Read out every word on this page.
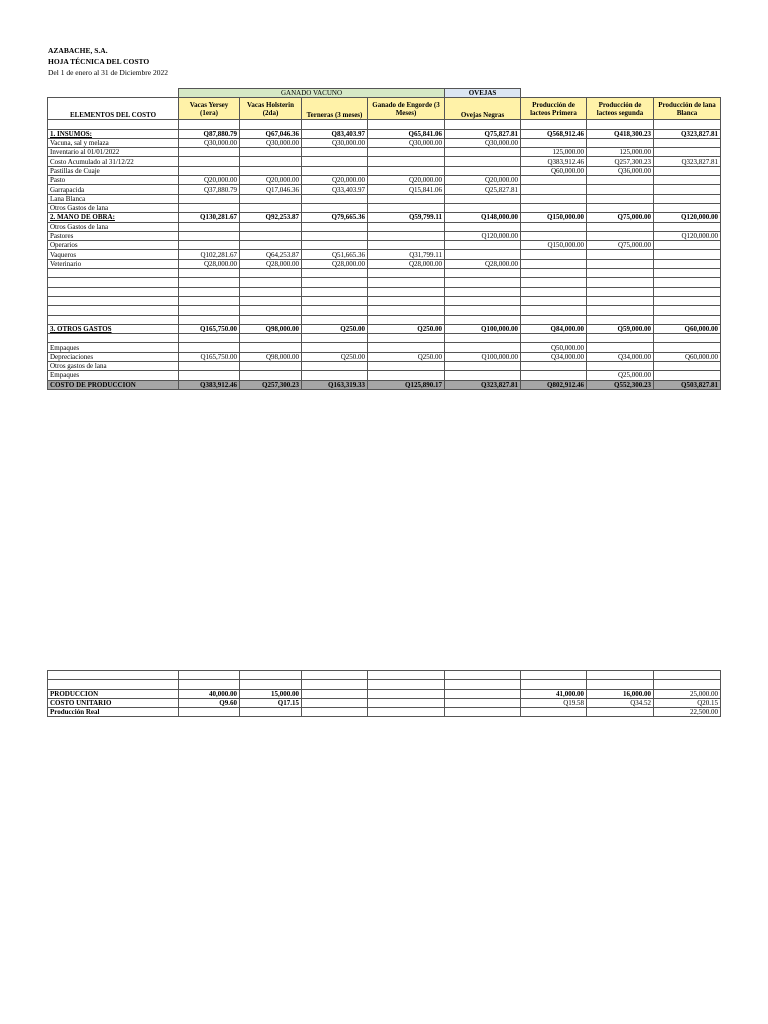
AZABACHE, S.A.
HOJA TÉCNICA DEL COSTO
Del 1 de enero al 31 de Diciembre 2022
	GANADO VACUNO				OVEJAS			
ELEMENTOS DEL COSTO	Vacas Yersey (1era)	Vacas Holsterin (2da)	Terneras (3 meses)	Ganado de Engorde (3 Meses)	Ovejas Negras	Producción de lacteos Primera	Producción de lacteos segunda	Producción de lana Blanca

1. INSUMOS:	Q87,880.79	Q67,046.36	Q83,403.97	Q65,841.06	Q75,827.81	Q568,912.46	Q418,300.23	Q323,827.81
Vacuna, sal y melaza	Q30,000.00	Q30,000.00	Q30,000.00	Q30,000.00	Q30,000.00			
Inventario al 01/01/2022						125,000.00	125,000.00	
Costo Acumulado al 31/12/22						Q383,912.46	Q257,300.23	Q323,827.81
Pastillas de Cuaje						Q60,000.00	Q36,000.00	
Pasto	Q20,000.00	Q20,000.00	Q20,000.00	Q20,000.00	Q20,000.00			
Garrapacida	Q37,880.79	Q17,046.36	Q33,403.97	Q15,841.06	Q25,827.81			
Lana Blanca								
Otros Gastos de lana								
2. MANO DE OBRA:	Q130,281.67	Q92,253.87	Q79,665.36	Q59,799.11	Q148,000.00	Q150,000.00	Q75,000.00	Q120,000.00
Otros Gastos de lana								
Pastores					Q120,000.00			Q120,000.00
Operarios						Q150,000.00	Q75,000.00	
Vaqueros	Q102,281.67	Q64,253.87	Q51,665.36	Q31,799.11				
Veterinario	Q28,000.00	Q28,000.00	Q28,000.00	Q28,000.00	Q28,000.00			

3. OTROS GASTOS	Q165,750.00	Q98,000.00	Q250.00	Q250.00	Q100,000.00	Q84,000.00	Q59,000.00	Q60,000.00

Empaques						Q50,000.00		
Depreciaciones	Q165,750.00	Q98,000.00	Q250.00	Q250.00	Q100,000.00	Q34,000.00	Q34,000.00	Q60,000.00
Otros gastos de lana								
Empaques							Q25,000.00	
COSTO DE PRODUCCION	Q383,912.46	Q257,300.23	Q163,319.33	Q125,890.17	Q323,827.81	Q802,912.46	Q552,300.23	Q503,827.81

PRODUCCION	40,000.00	15,000.00				41,000.00	16,000.00	25,000.00
COSTO UNITARIO	Q9.60	Q17.15				Q19.58	Q34.52	Q20.15
Producción Real								22,500.00
